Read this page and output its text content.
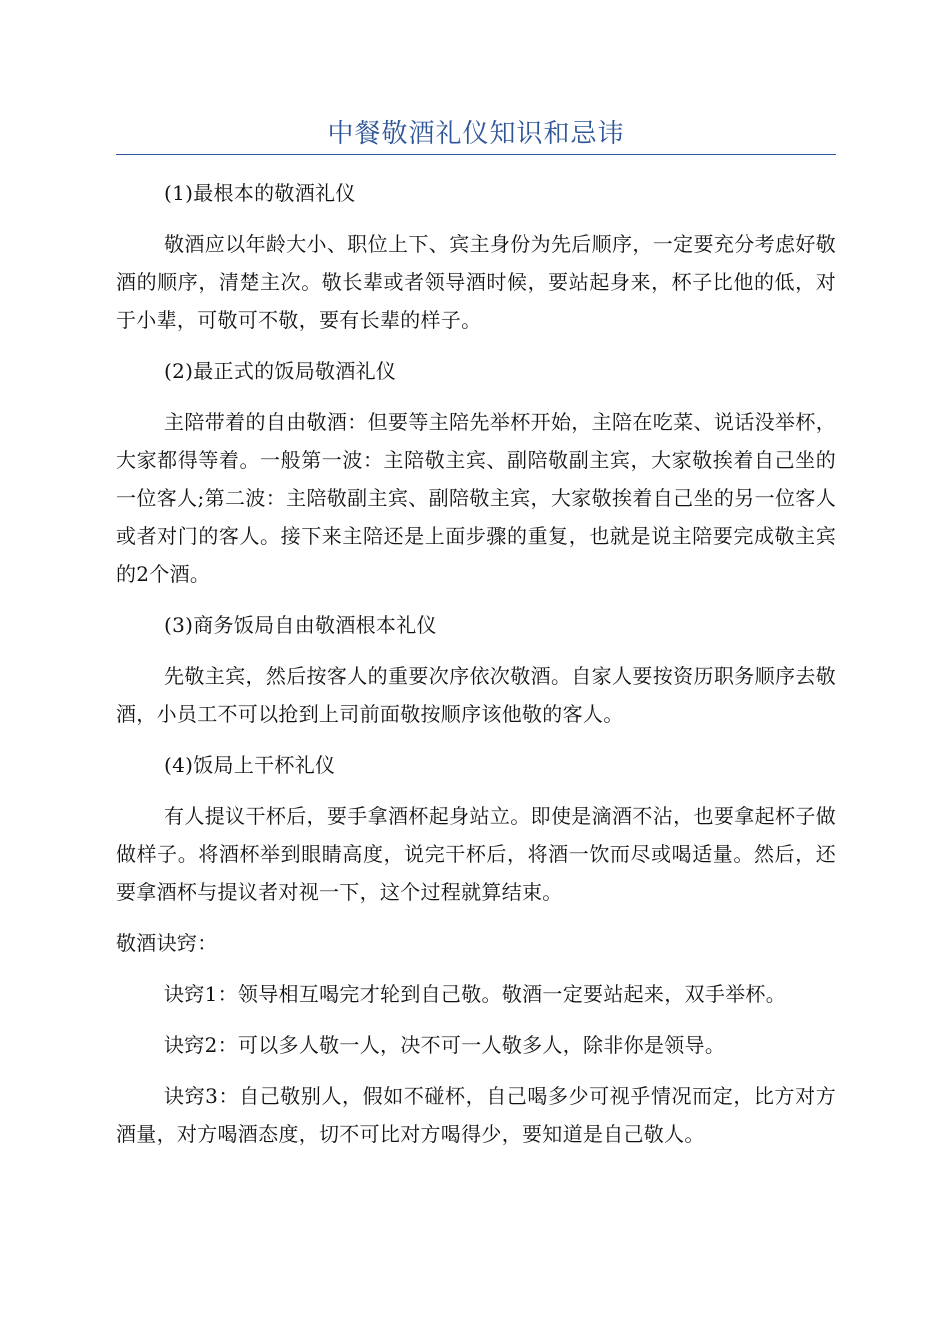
中餐敬酒礼仪知识和忌讳

(1)最根本的敬酒礼仪

敬酒应以年龄大小、职位上下、宾主身份为先后顺序，一定要充分考虑好敬酒的顺序，清楚主次。敬长辈或者领导酒时候，要站起身来，杯子比他的低，对于小辈，可敬可不敬，要有长辈的样子。

(2)最正式的饭局敬酒礼仪

主陪带着的自由敬酒：但要等主陪先举杯开始，主陪在吃菜、说话没举杯，大家都得等着。一般第一波：主陪敬主宾、副陪敬副主宾，大家敬挨着自己坐的一位客人;第二波：主陪敬副主宾、副陪敬主宾，大家敬挨着自己坐的另一位客人或者对门的客人。接下来主陪还是上面步骤的重复，也就是说主陪要完成敬主宾的2个酒。

(3)商务饭局自由敬酒根本礼仪

先敬主宾，然后按客人的重要次序依次敬酒。自家人要按资历职务顺序去敬酒，小员工不可以抢到上司前面敬按顺序该他敬的客人。

(4)饭局上干杯礼仪

有人提议干杯后，要手拿酒杯起身站立。即使是滴酒不沾，也要拿起杯子做做样子。将酒杯举到眼睛高度，说完干杯后，将酒一饮而尽或喝适量。然后，还要拿酒杯与提议者对视一下，这个过程就算结束。

敬酒诀窍：

诀窍1：领导相互喝完才轮到自己敬。敬酒一定要站起来，双手举杯。

诀窍2：可以多人敬一人，决不可一人敬多人，除非你是领导。

诀窍3：自己敬别人，假如不碰杯，自己喝多少可视乎情况而定，比方对方酒量，对方喝酒态度，切不可比对方喝得少，要知道是自己敬人。
